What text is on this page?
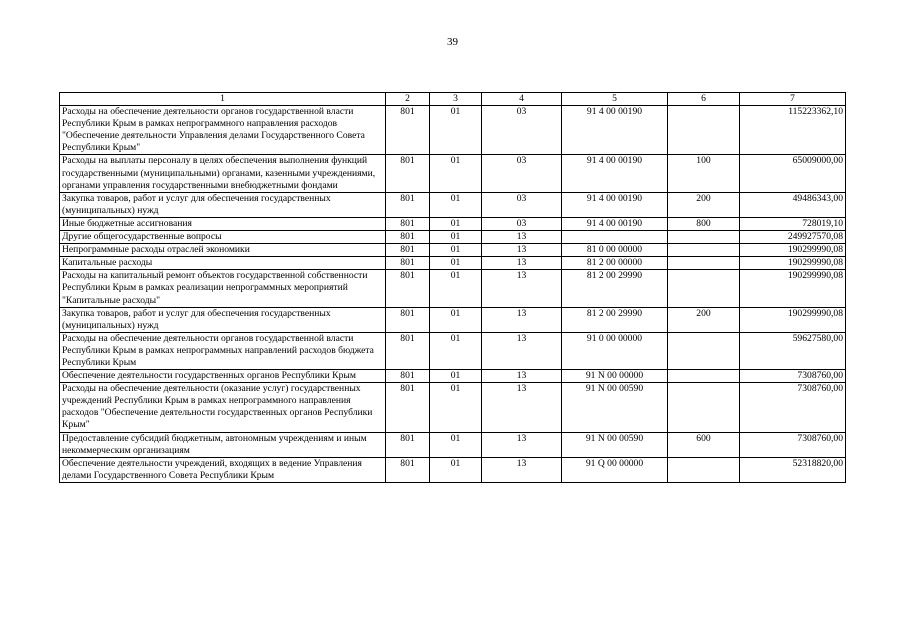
39
1	2	3	4	5	6	7
Расходы на обеспечение деятельности органов государственной власти Республики Крым в рамках непрограммного направления расходов "Обеспечение деятельности Управления делами Государственного Совета Республики Крым"	801	01	03	91 4 00 00190		115223362,10
Расходы на выплаты персоналу в целях обеспечения выполнения функций государственными (муниципальными) органами, казенными учреждениями, органами управления государственными внебюджетными фондами	801	01	03	91 4 00 00190	100	65009000,00
Закупка товаров, работ и услуг для обеспечения государственных (муниципальных) нужд	801	01	03	91 4 00 00190	200	49486343,00
Иные бюджетные ассигнования	801	01	03	91 4 00 00190	800	728019,10
Другие общегосударственные вопросы	801	01	13			249927570,08
Непрограммные расходы отраслей экономики	801	01	13	81 0 00 00000		190299990,08
Капитальные расходы	801	01	13	81 2 00 00000		190299990,08
Расходы на капитальный ремонт объектов государственной собственности Республики Крым в рамках реализации непрограммных мероприятий "Капитальные расходы"	801	01	13	81 2 00 29990		190299990,08
Закупка товаров, работ и услуг для обеспечения государственных (муниципальных) нужд	801	01	13	81 2 00 29990	200	190299990,08
Расходы на обеспечение деятельности органов государственной власти Республики Крым в рамках непрограммных направлений расходов бюджета Республики Крым	801	01	13	91 0 00 00000		59627580,00
Обеспечение деятельности государственных органов Республики Крым	801	01	13	91 N 00 00000		7308760,00
Расходы на обеспечение деятельности (оказание услуг) государственных учреждений Республики Крым в рамках непрограммного направления расходов "Обеспечение деятельности государственных органов Республики Крым"	801	01	13	91 N 00 00590		7308760,00
Предоставление субсидий бюджетным, автономным учреждениям и иным некоммерческим организациям	801	01	13	91 N 00 00590	600	7308760,00
Обеспечение деятельности учреждений, входящих в ведение Управления делами Государственного Совета Республики Крым	801	01	13	91 Q 00 00000		52318820,00
